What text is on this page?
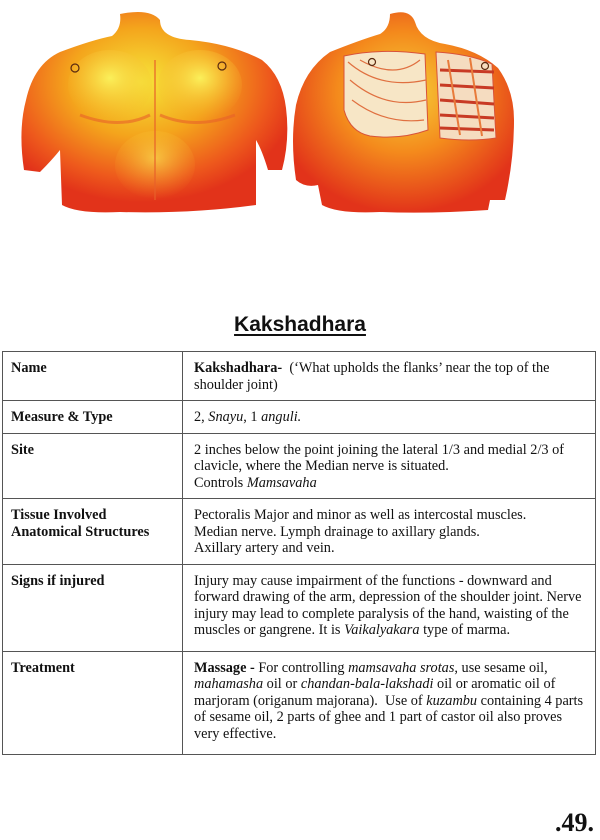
Kakshadhara
Name	Kakshadhara-  (‘What upholds the flanks’ near the top of the shoulder joint)
Measure & Type	2, Snayu, 1 anguli.
Site	2 inches below the point joining the lateral 1/3 and medial 2/3 of clavicle, where the Median nerve is situated.
Controls Mamsavaha
Tissue Involved Anatomical Structures	Pectoralis Major and minor as well as intercostal muscles.
Median nerve. Lymph drainage to axillary glands.
Axillary artery and vein.
Signs if injured	Injury may cause impairment of the functions - downward and forward drawing of the arm, depression of the shoulder joint. Nerve injury may lead to complete paralysis of the hand, waisting of the muscles or gangrene. It is Vaikalyakara type of marma.
Treatment	Massage - For controlling mamsavaha srotas, use sesame oil, mahamasha oil or chandan-bala-lakshadi oil or aromatic oil of marjoram (origanum majorana).  Use of kuzambu containing 4 parts of sesame oil, 2 parts of ghee and 1 part of castor oil also proves very effective.
.49.
